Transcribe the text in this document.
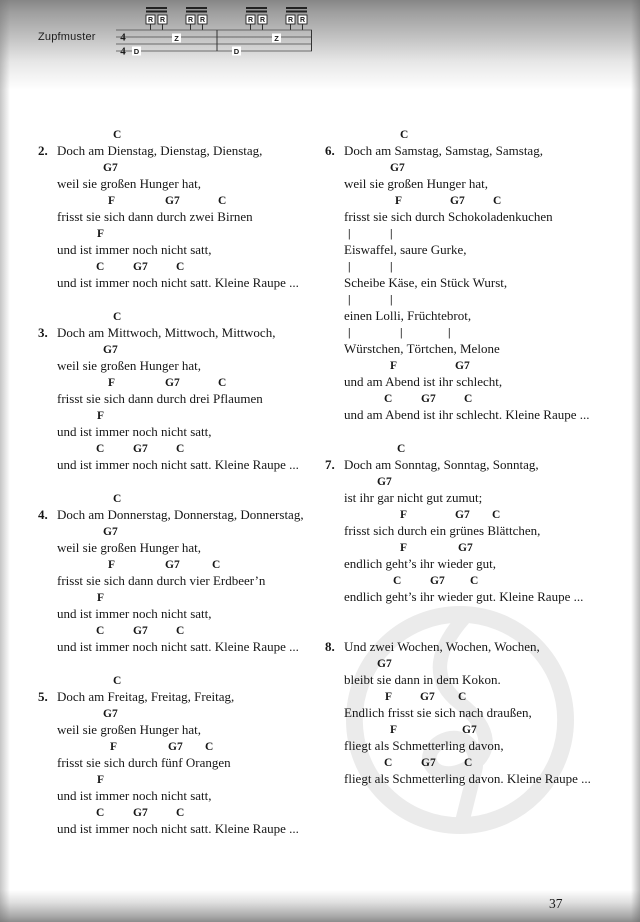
Zupfmuster 4
4
R R	R R	R R	R R
D	D
Z	Z
C
2. Doch am Dienstag, Dienstag, Dienstag,
G7
weil sie großen Hunger hat,
F	G7	C
frisst sie sich dann durch zwei Birnen
F
und ist immer noch nicht satt,
C G7 C
und ist immer noch nicht satt. Kleine Raupe ...
C
3. Doch am Mittwoch, Mittwoch, Mittwoch,
G7
weil sie großen Hunger hat,
F	G7	C
frisst sie sich dann durch drei Pflaumen
F
und ist immer noch nicht satt,
C G7 C
und ist immer noch nicht satt. Kleine Raupe ...
C
4. Doch am Donnerstag, Donnerstag, Donnerstag,
G7
weil sie großen Hunger hat,
F	G7	C
frisst sie sich dann durch vier Erdbeer’n
F
und ist immer noch nicht satt,
C G7 C
und ist immer noch nicht satt. Kleine Raupe ...
C
5. Doch am Freitag, Freitag, Freitag,
G7
weil sie großen Hunger hat,
F	G7 C
frisst sie sich durch fünf Orangen
F
und ist immer noch nicht satt,
C G7 C
und ist immer noch nicht satt. Kleine Raupe ...
C
6. Doch am Samstag, Samstag, Samstag,
G7
weil sie großen Hunger hat,
F	G7 C
frisst sie sich durch Schokoladenkuchen
|	|
Eiswaffel, saure Gurke,
|	|
Scheibe Käse, ein Stück Wurst,
|	|
einen Lolli, Früchtebrot,
|	|	|
Würstchen, Törtchen, Melone
F	G7
und am Abend ist ihr schlecht,
C G7 C
und am Abend ist ihr schlecht. Kleine Raupe ...
C
7. Doch am Sonntag, Sonntag, Sonntag,
G7
ist ihr gar nicht gut zumut;
F	G7 C
frisst sich durch ein grünes Blättchen,
F	G7
endlich geht’s ihr wieder gut,
C G7 C
endlich geht’s ihr wieder gut. Kleine Raupe ...
8. Und zwei Wochen, Wochen, Wochen,
G7
bleibt sie dann in dem Kokon.
F G7 C
Endlich frisst sie sich nach draußen,
F	G7
fliegt als Schmetterling davon,
C G7 C
fliegt als Schmetterling davon. Kleine Raupe ...
37
